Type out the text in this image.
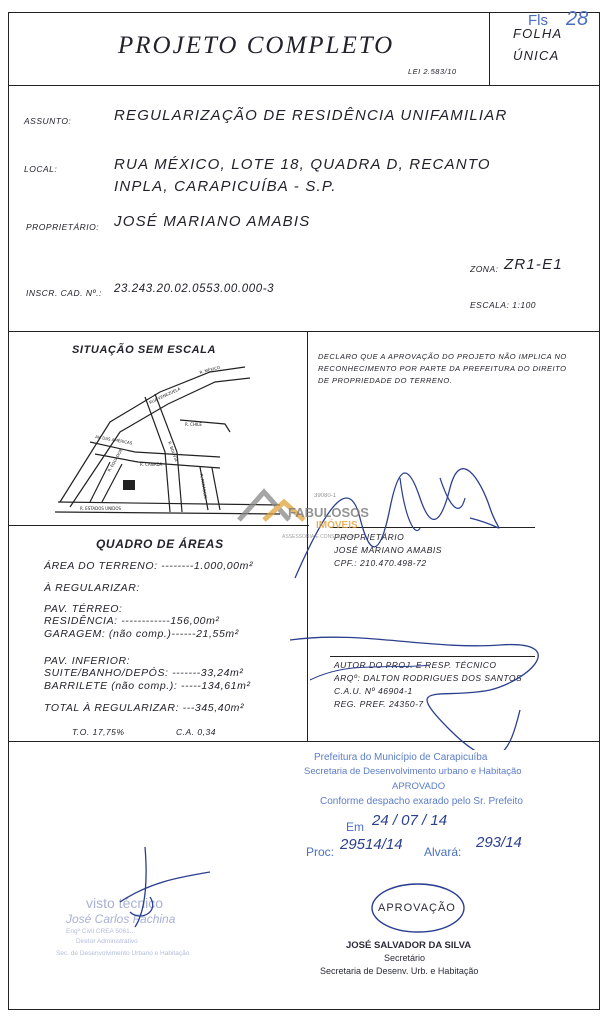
PROJETO COMPLETO
LEI 2.583/10
FOLHA
ÚNICA
Fls 28
ASSUNTO:	REGULARIZAÇÃO DE RESIDÊNCIA UNIFAMILIAR
LOCAL:	RUA MÉXICO, LOTE 18, QUADRA D, RECANTO
INPLA, CARAPICUÍBA - S.P.
PROPRIETÁRIO: JOSÉ MARIANO AMABIS
ZONA: ZR1-E1
INSCR. CAD. Nº.: 23.243.20.02.0553.00.000-3
ESCALA: 1:100
SITUAÇÃO SEM ESCALA
R. MÉXICO
RUA VENEZUELA
AV. DAS AMÉRICAS
R. ESTADOS UNIDOS
R. BOLÍVIA
R. PARAGUAI
R. EQUADOR	R. CANADÁ
R. CHILE
DECLARO QUE A APROVAÇÃO DO PROJETO NÃO IMPLICA NO
RECONHECIMENTO POR PARTE DA PREFEITURA DO DIREITO
DE PROPRIEDADE DO TERRENO.
QUADRO DE ÁREAS
ÁREA DO TERRENO: --------1.000,00m²
À REGULARIZAR:
PAV. TÉRREO:
RESIDÊNCIA: ------------156,00m²
GARAGEM: (não comp.)------21,55m²
PAV. INFERIOR:
SUITE/BANHO/DEPÓS: -------33,24m²
BARRILETE (não comp.): -----134,61m²
TOTAL À REGULARIZAR: ---345,40m²
T.O. 17,75%	C.A. 0,34
PROPRIETÁRIO
JOSÉ MARIANO AMABIS
CPF.: 210.470.498-72
AUTOR DO PROJ. E RESP. TÉCNICO
ARQº: DALTON RODRIGUES DOS SANTOS
C.A.U. Nº 46904-1
REG. PREF. 24350-7
FABULOSOS
IMÓVEIS
ASSESSORIA E CONSULTORIA
39080-1
Prefeitura do Município de Carapicuíba
Secretaria de Desenvolvimento urbano e Habitação
APROVADO
Conforme despacho exarado pelo Sr. Prefeito
Em 24 / 07 / 14
Proc: 29514/14 Alvará:
293/14
visto técnico
José Carlos Fachina
Engº Civil CREA 5061...
Diretor Administrativo
Sec. de Desenvolvimento Urbano e Habitação
APROVAÇÃO
JOSÉ SALVADOR DA SILVA
Secretário
Secretaria de Desenv. Urb. e Habitação
